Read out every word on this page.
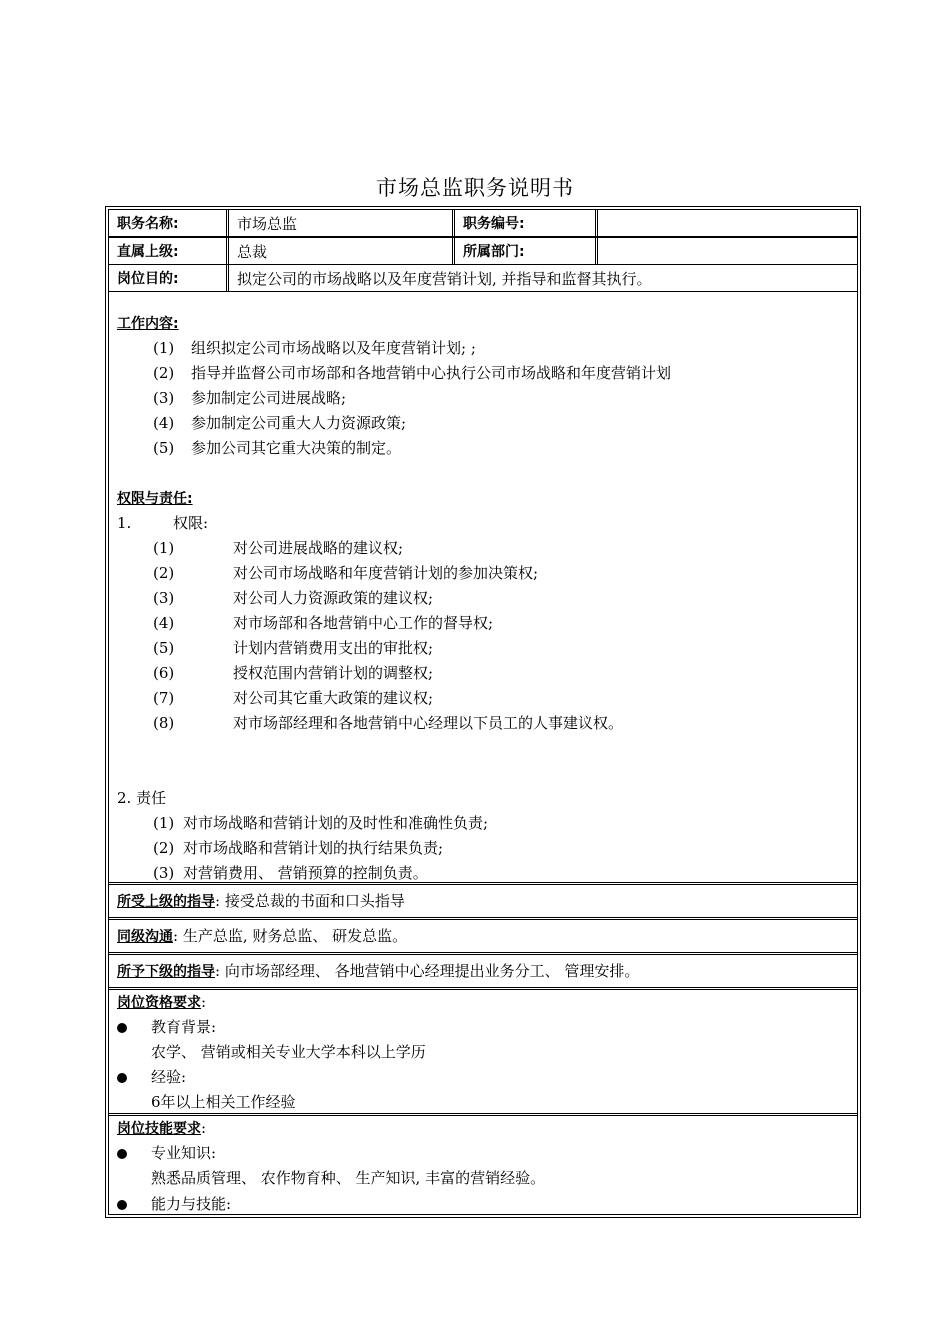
市场总监职务说明书
职务名称:	市场总监	职务编号:
直属上级:	总裁	所属部门:
岗位目的:	拟定公司的市场战略以及年度营销计划, 并指导和监督其执行。
工作内容:
(1) 组织拟定公司市场战略以及年度营销计划; ;
(2) 指导并监督公司市场部和各地营销中心执行公司市场战略和年度营销计划
(3) 参加制定公司进展战略;
(4) 参加制定公司重大人力资源政策;
(5) 参加公司其它重大决策的制定。
权限与责任:
1.	权限:
(1)	对公司进展战略的建议权;
(2)	对公司市场战略和年度营销计划的参加决策权;
(3)	对公司人力资源政策的建议权;
(4)	对市场部和各地营销中心工作的督导权;
(5)	计划内营销费用支出的审批权;
(6)	授权范围内营销计划的调整权;
(7)	对公司其它重大政策的建议权;
(8)	对市场部经理和各地营销中心经理以下员工的人事建议权。
2. 责任
(1) 对市场战略和营销计划的及时性和准确性负责;
(2) 对市场战略和营销计划的执行结果负责;
(3) 对营销费用、 营销预算的控制负责。
所受上级的指导: 接受总裁的书面和口头指导
同级沟通: 生产总监, 财务总监、 研发总监。
所予下级的指导: 向市场部经理、 各地营销中心经理提出业务分工、 管理安排。
岗位资格要求:
教育背景:
农学、 营销或相关专业大学本科以上学历
经验:
6年以上相关工作经验
岗位技能要求:
专业知识:
熟悉品质管理、 农作物育种、 生产知识, 丰富的营销经验。
能力与技能:
